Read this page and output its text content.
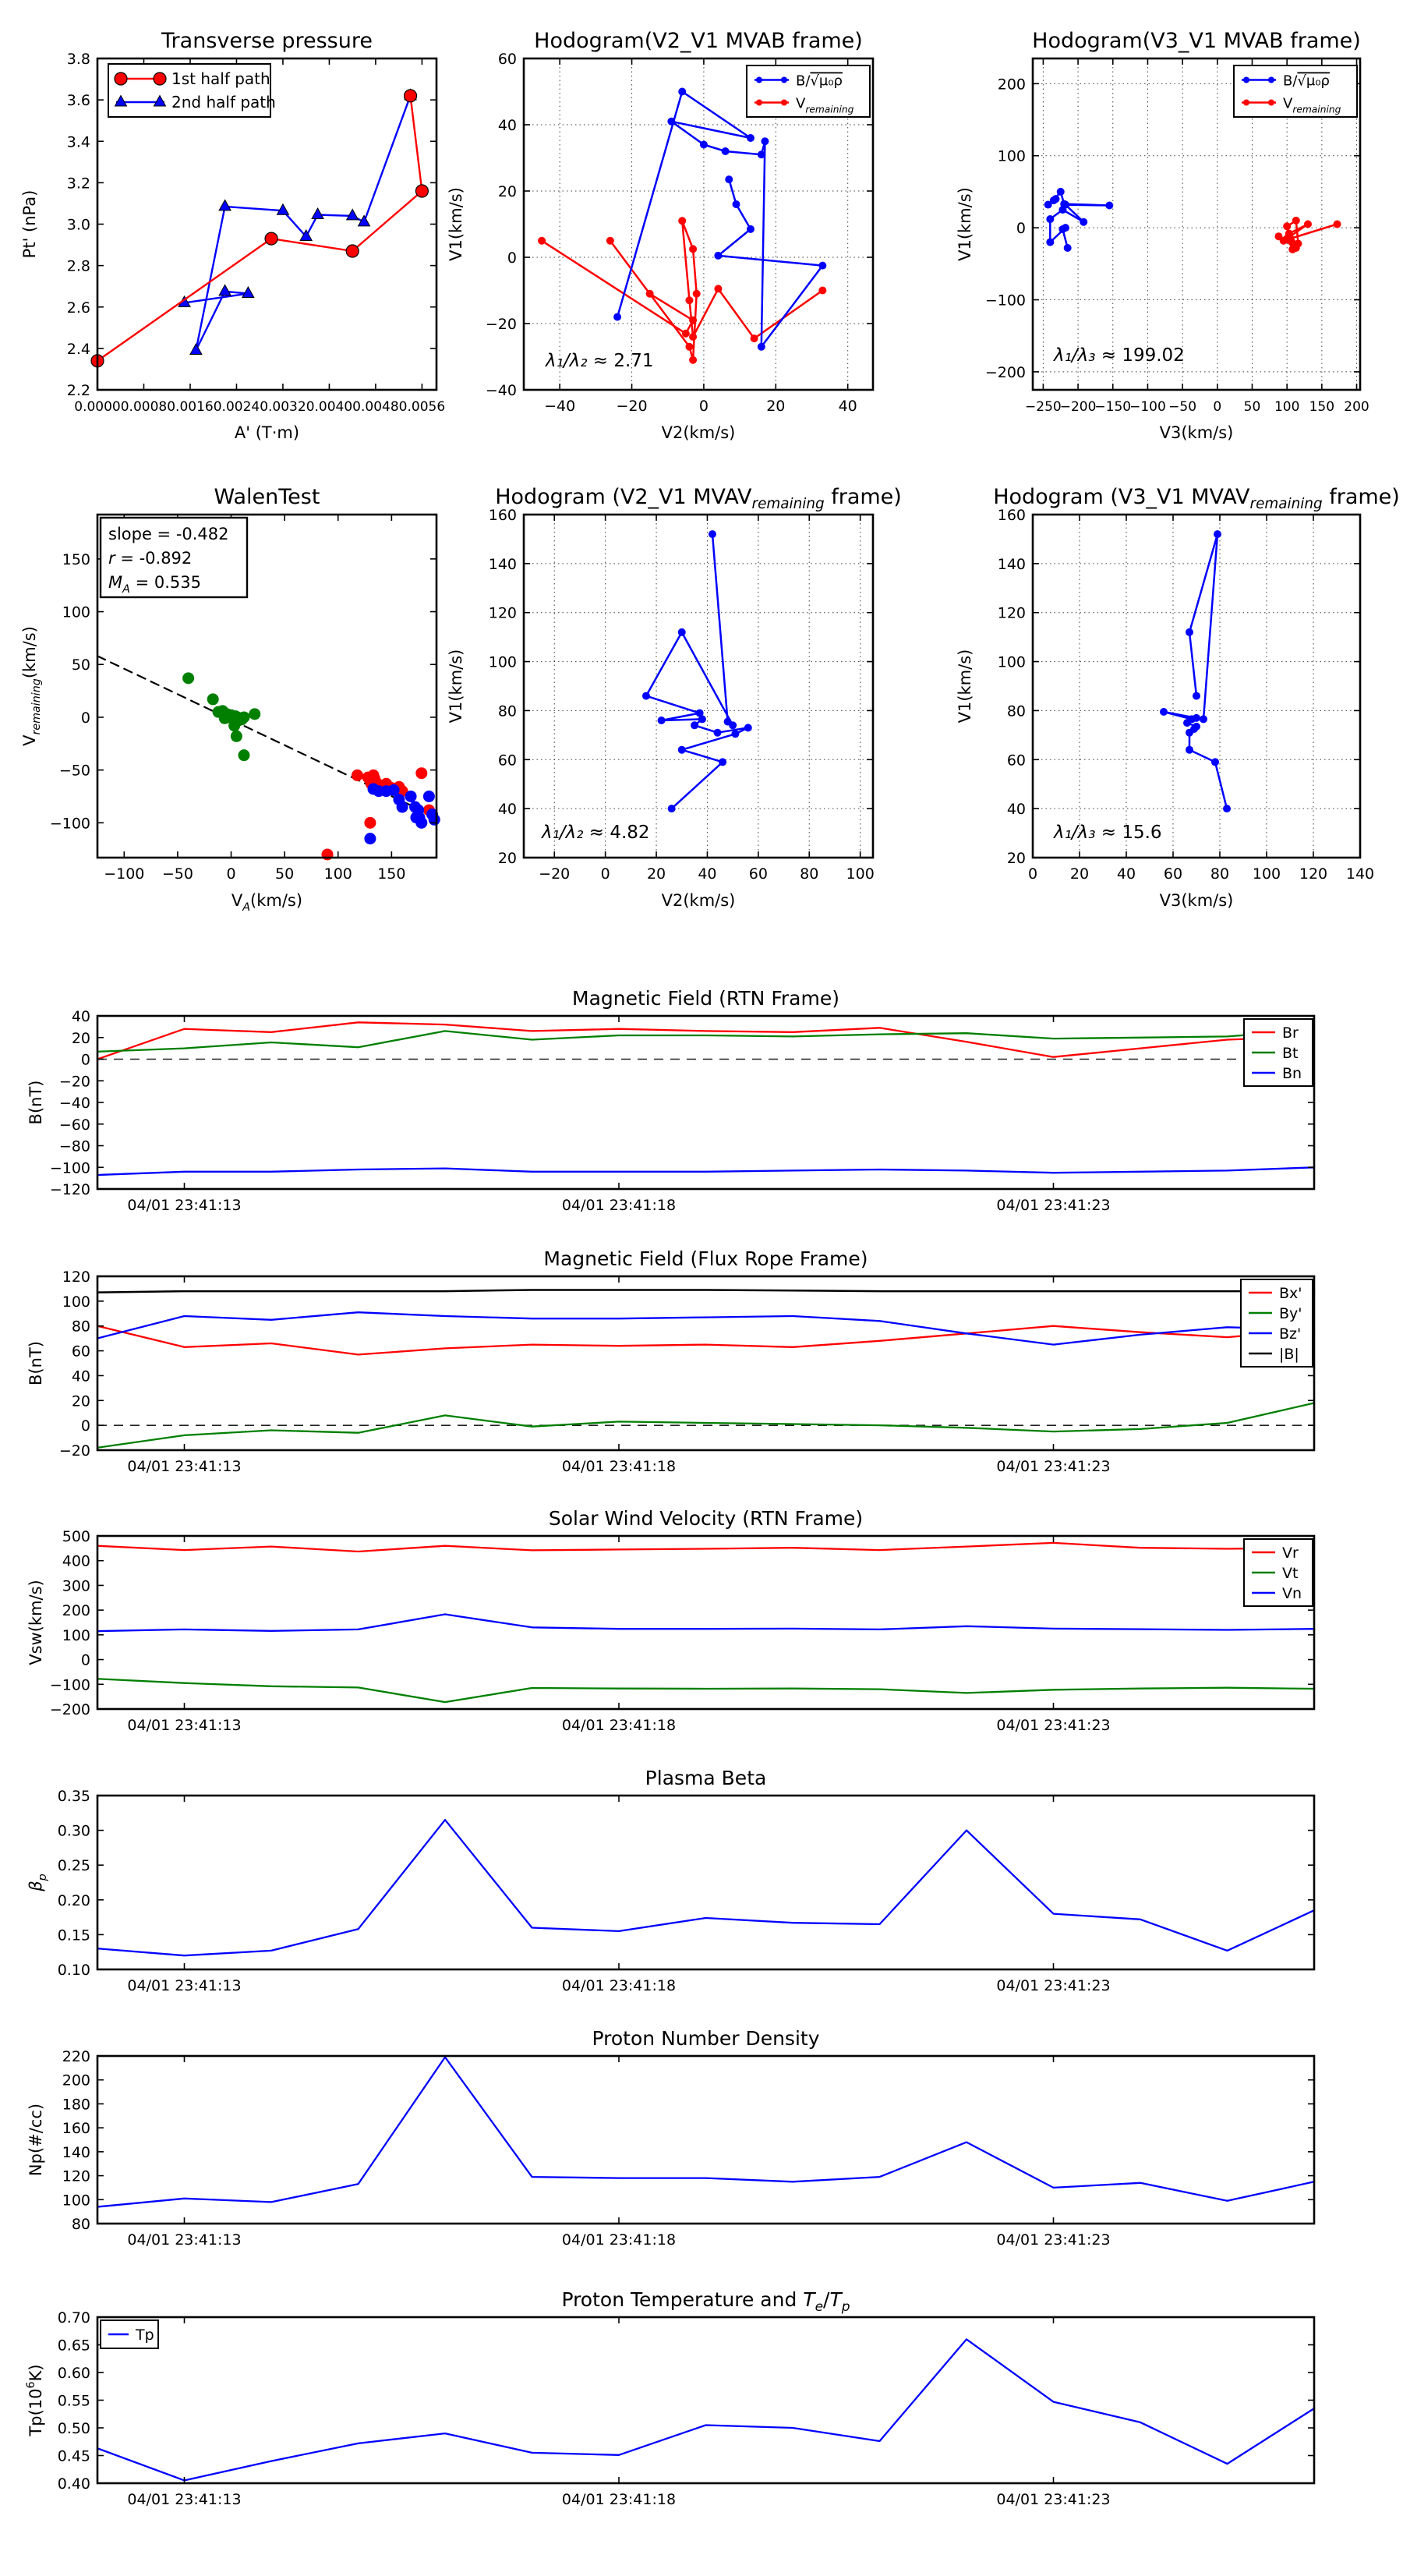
0.0000 0.0008 0.0016 0.0024 0.0032 0.0040 0.0048 0.0056
2.2
2.4
2.6
2.8
3.0
3.2
3.4
3.6
3.8
Transverse pressure
A' (T·m)
Pt' (nPa)
1st half path
2nd half path
−40	−20	0	20	40
−40
−20
0
20
40
60
Hodogram(V2_V1 MVAB frame)
V2(km/s)
V1(km/s)
B/√μ₀ρ
$V_{remaining}$
λ₁/λ₂ ≈ 2.71
−250
−200
−150
−100 −50 0 50 100 150 200
−200
−100
0
100
200
Hodogram(V3_V1 MVAB frame)
V3(km/s)
V1(km/s)
B/√μ₀ρ
$V_{remaining}$
λ₁/λ₃ ≈ 199.02
−100 −50 0	50 100 150
−100
−50
0
50
100
150
WalenTest
$V_A(km/s)$
$V_{remaining}(km/s)$
slope = -0.482
r = -0.892
$M_A = 0.535$
−20 0 20 40 60 80 100
20
40
60
80
100
120
140
160
Hodogram (V2_V1 $MVAV_{remaining}$ frame)
V2(km/s)
V1(km/s)
λ₁/λ₂ ≈ 4.82
0 20 40 60 80 100 120 140
20
40
60
80
100
120
140
160
Hodogram (V3_V1 $MVAV_{remaining}$ frame)
V3(km/s)
V1(km/s)
λ₁/λ₃ ≈ 15.6
04/01 23:41:13	04/01 23:41:18	04/01 23:41:23
−120
−100
−80
−60
−40
−20
0
20
40
Magnetic Field (RTN Frame)
B(nT)
Br
Bt
Bn
04/01 23:41:13	04/01 23:41:18	04/01 23:41:23
−20
0
20
40
60
80
100
120
Magnetic Field (Flux Rope Frame)
B(nT)
Bx'
By'
Bz'
|B|
04/01 23:41:13	04/01 23:41:18	04/01 23:41:23
−200
−100
0
100
200
300
400
500
Solar Wind Velocity (RTN Frame)
Vsw(km/s)
Vr
Vt
Vn
04/01 23:41:13	04/01 23:41:18	04/01 23:41:23
0.10
0.15
0.20
0.25
0.30
0.35
Plasma Beta
$\beta_p$
04/01 23:41:13	04/01 23:41:18	04/01 23:41:23
80
100
120
140
160
180
200
220
Proton Number Density
Np(#/cc)
04/01 23:41:13	04/01 23:41:18	04/01 23:41:23
0.40
0.45
0.50
0.55
0.60
0.65
0.70
Proton Temperature and $T_e/T_p$
$Tp(10^6K)$
Tp
